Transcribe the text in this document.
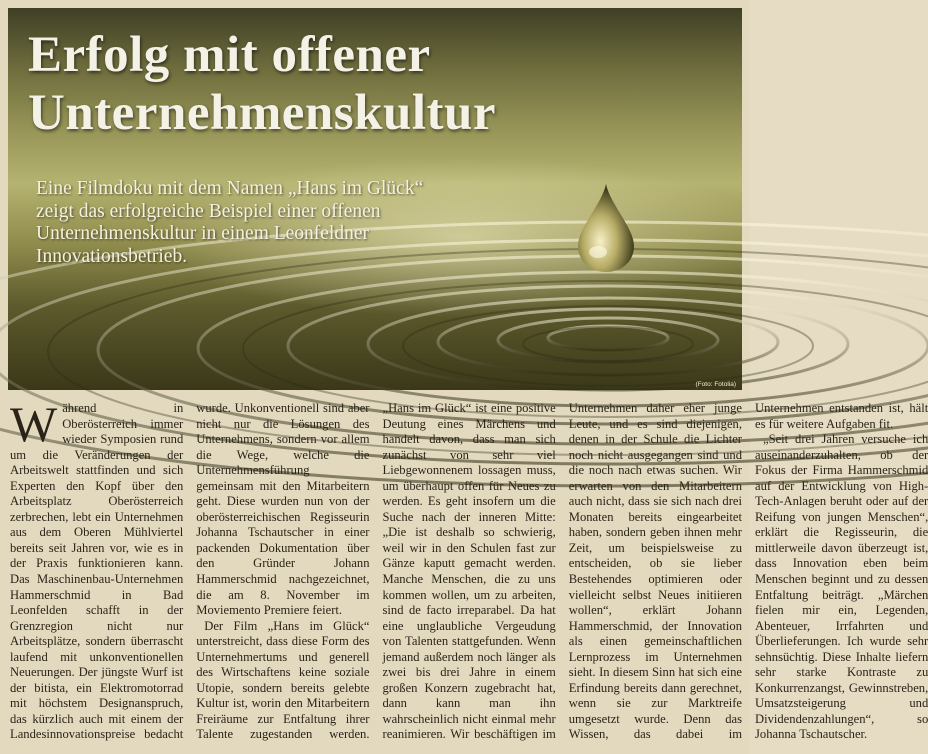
Erfolg mit offener
Unternehmenskultur

Eine Filmdoku mit dem Namen „Hans im Glück“ zeigt das erfolgreiche Beispiel einer offenen Unternehmenskultur in einem Leonfeldner Innovationsbetrieb.

(Foto: Fotolia)

Während in Oberösterreich immer wieder Symposien rund um die Veränderungen der Arbeitswelt stattfinden und sich Experten den Kopf über den Arbeitsplatz Oberösterreich zerbrechen, lebt ein Unternehmen aus dem Oberen Mühlviertel bereits seit Jahren vor, wie es in der Praxis funktionieren kann. Das Maschinenbau-Unternehmen Hammerschmid in Bad Leonfelden schafft in der Grenzregion nicht nur Arbeitsplätze, sondern überrascht laufend mit unkonventionellen Neuerungen. Der jüngste Wurf ist der bitista, ein Elektromotorrad mit höchstem Designanspruch, das kürzlich auch mit einem der Landesinnovationspreise bedacht wurde. Unkonventionell sind aber nicht nur die Lösungen des Unternehmens, sondern vor allem die Wege, welche die Unternehmensführung gemeinsam mit den Mitarbeitern geht. Diese wurden nun von der oberösterreichischen Regisseurin Johanna Tschautscher in einer packenden Dokumentation über den Gründer Johann Hammerschmid nachgezeichnet, die am 8. November im Moviemento Premiere feiert.

Der Film „Hans im Glück“ unterstreicht, dass diese Form des Unternehmertums und generell des Wirtschaftens keine soziale Utopie, sondern bereits gelebte Kultur ist, worin den Mitarbeitern Freiräume zur Entfaltung ihrer Talente zugestanden werden. „Hans im Glück“ ist eine positive Deutung eines Märchens und handelt davon, dass man sich zunächst von sehr viel Liebgewonnenem lossagen muss, um überhaupt offen für Neues zu werden. Es geht insofern um die Suche nach der inneren Mitte: „Die ist deshalb so schwierig, weil wir in den Schulen fast zur Gänze kaputt gemacht werden. Manche Menschen, die zu uns kommen wollen, um zu arbeiten, sind de facto irreparabel. Da hat eine unglaubliche Vergeudung von Talenten stattgefunden. Wenn jemand außerdem noch länger als zwei bis drei Jahre in einem großen Konzern zugebracht hat, dann kann man ihn wahrscheinlich nicht einmal mehr reanimieren. Wir beschäftigen im Unternehmen daher eher junge Leute, und es sind diejenigen, denen in der Schule die Lichter noch nicht ausgegangen sind und die noch nach etwas suchen. Wir erwarten von den Mitarbeitern auch nicht, dass sie sich nach drei Monaten bereits eingearbeitet haben, sondern geben ihnen mehr Zeit, um beispielsweise zu entscheiden, ob sie lieber Bestehendes optimieren oder vielleicht selbst Neues initiieren wollen“, erklärt Johann Hammerschmid, der Innovation als einen gemeinschaftlichen Lernprozess im Unternehmen sieht. In diesem Sinn hat sich eine Erfindung bereits dann gerechnet, wenn sie zur Marktreife umgesetzt wurde. Denn das Wissen, das dabei im Unternehmen entstanden ist, hält es für weitere Aufgaben fit.

„Seit drei Jahren versuche ich auseinanderzuhalten, ob der Fokus der Firma Hammerschmid auf der Entwicklung von High-Tech-Anlagen beruht oder auf der Reifung von jungen Menschen“, erklärt die Regisseurin, die mittlerweile davon überzeugt ist, dass Innovation eben beim Menschen beginnt und zu dessen Entfaltung beiträgt. „Märchen fielen mir ein, Legenden, Abenteuer, Irrfahrten und Überlieferungen. Ich wurde sehr sehnsüchtig. Diese Inhalte liefern sehr starke Kontraste zu Konkurrenzangst, Gewinnstreben, Umsatzsteigerung und Dividendenzahlungen“, so Johanna Tschautscher.
